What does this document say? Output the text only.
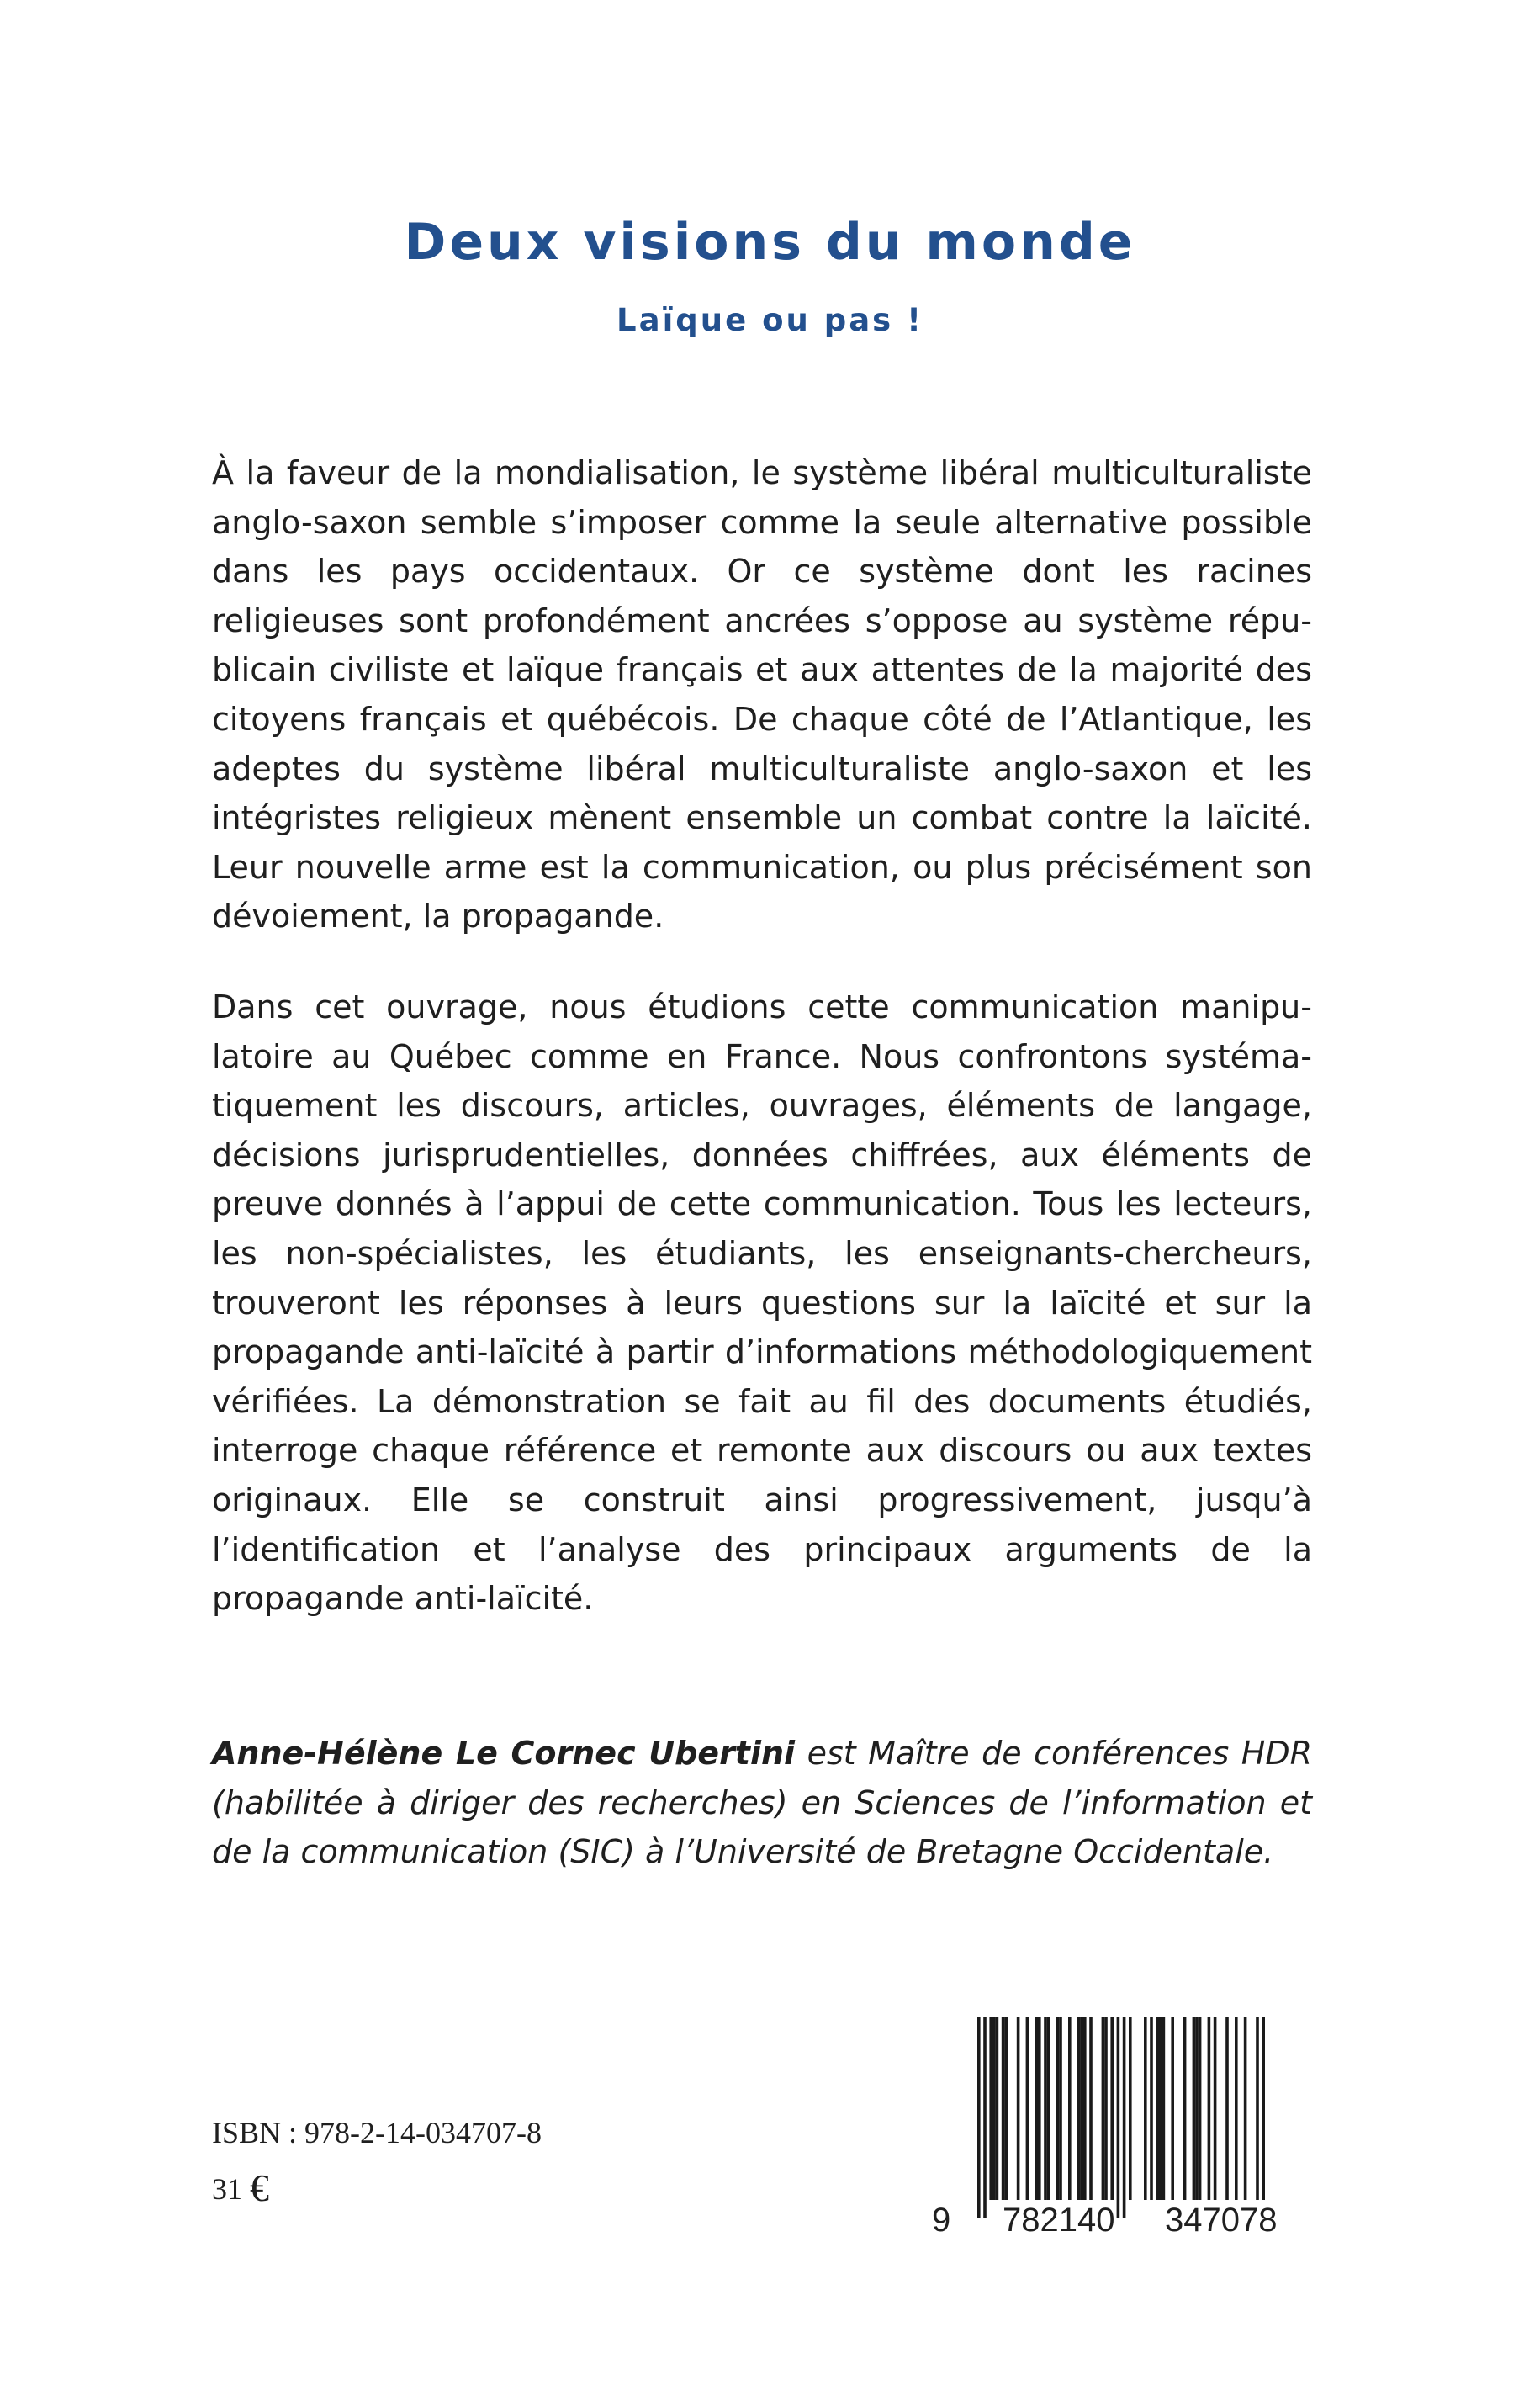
Deux visions du monde
Laïque ou pas !

À la faveur de la mondialisation, le système libéral multiculturaliste anglo-saxon semble s’imposer comme la seule alternative possible dans les pays occidentaux. Or ce système dont les racines religieuses sont profondément ancrées s’oppose au système républicain civiliste et laïque français et aux attentes de la majorité des citoyens français et québécois. De chaque côté de l’Atlantique, les adeptes du système libéral multiculturaliste anglo-saxon et les intégristes religieux mènent ensemble un combat contre la laïcité. Leur nouvelle arme est la communication, ou plus précisément son dévoiement, la propagande.

Dans cet ouvrage, nous étudions cette communication manipulatoire au Québec comme en France. Nous confrontons systématiquement les discours, articles, ouvrages, éléments de langage, décisions jurisprudentielles, données chiffrées, aux éléments de preuve donnés à l’appui de cette communication. Tous les lecteurs, les non-spécialistes, les étudiants, les enseignants-chercheurs, trouveront les réponses à leurs questions sur la laïcité et sur la propagande anti-laïcité à partir d’informations méthodologiquement vérifiées. La démonstration se fait au fil des documents étudiés, interroge chaque référence et remonte aux discours ou aux textes originaux. Elle se construit ainsi progressivement, jusqu’à l’identification et l’analyse des principaux arguments de la propagande anti-laïcité.

Anne-Hélène Le Cornec Ubertini est Maître de conférences HDR (habilitée à diriger des recherches) en Sciences de l’information et de la communication (SIC) à l’Université de Bretagne Occidentale.

ISBN : 978-2-14-034707-8
31 €
9 782140 347078
